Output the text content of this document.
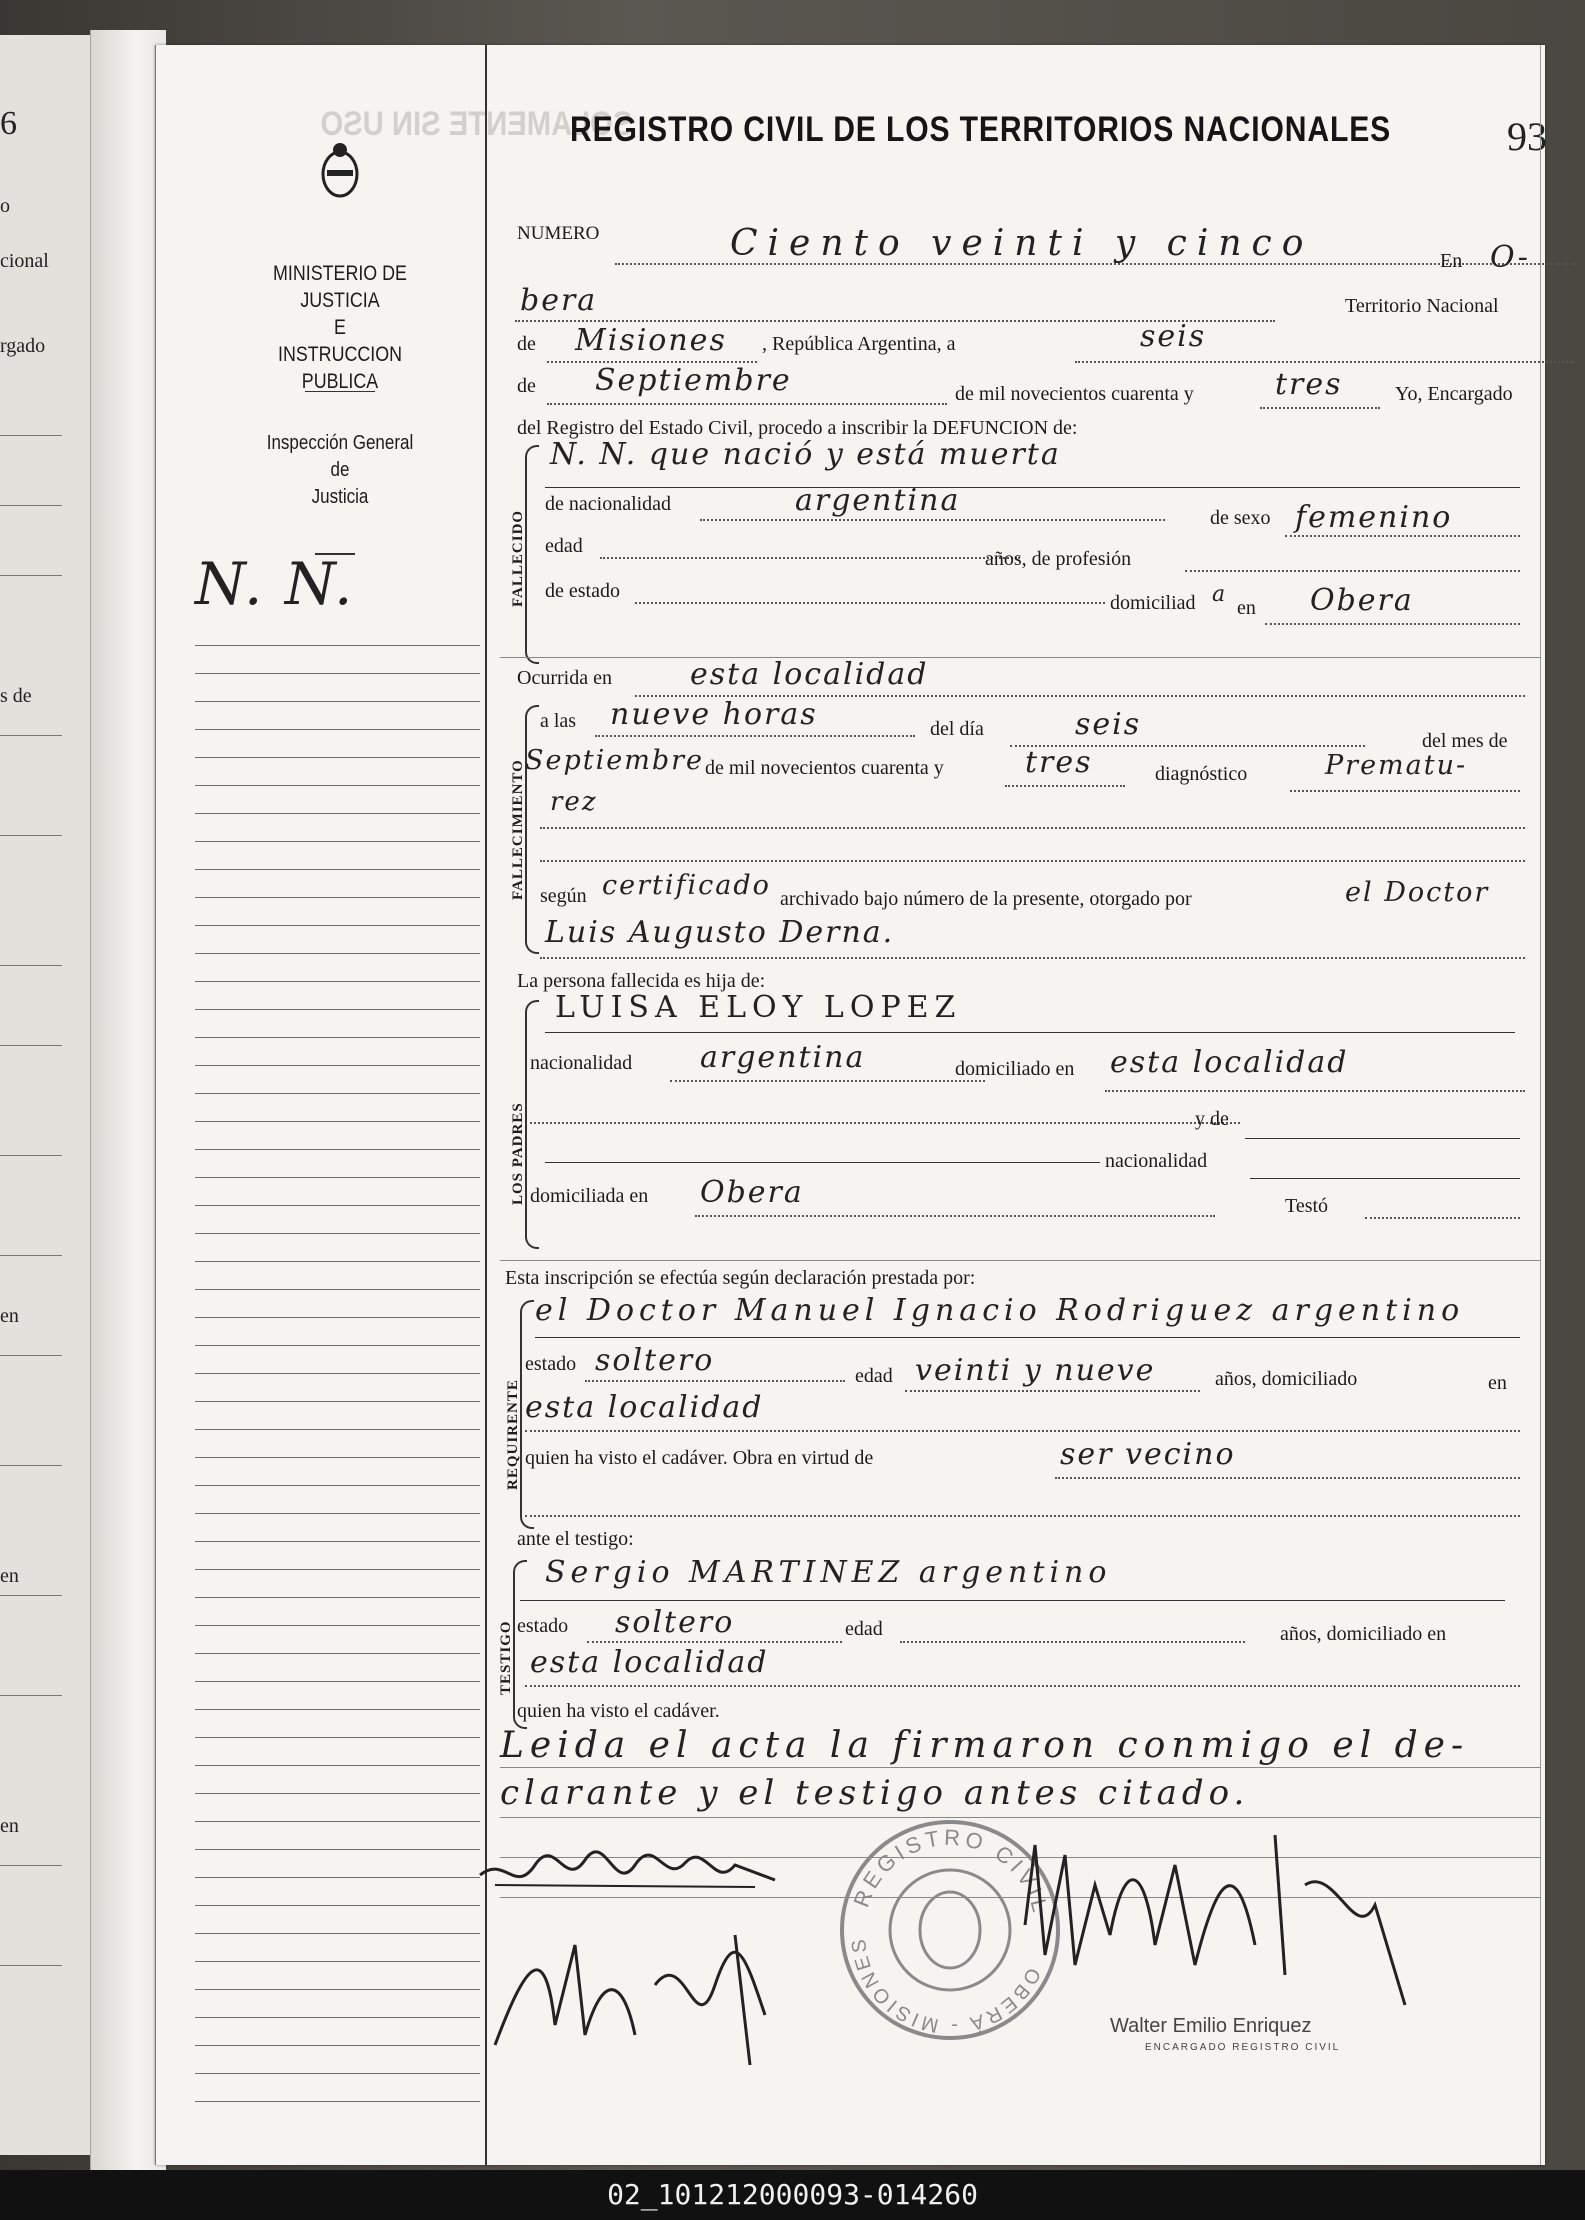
6
o
cional
rgado
s de
en
en
en
SOLAMENTE SIN USO
REGISTRO CIVIL DE LOS TERRITORIOS NACIONALES	93
MINISTERIO DE JUSTICIA
E
INSTRUCCION PUBLICA
Inspección General
de
Justicia
N. N.
NUMERO	Ciento veinti y cinco	En O-
bera	Territorio Nacional
de Misiones , República Argentina, a	seis
de Septiembre	de mil novecientos cuarenta y	tres	Yo, Encargado
del Registro del Estado Civil, procedo a inscribir la DEFUNCION de:
FALLECIDO
N. N. que nació y está muerta
de nacionalidad	argentina	de sexo femenino
edad
años, de profesión
de estado
domiciliad a
en Obera
Ocurrida en	esta localidad
FALLECIMIENTO
a las nueve horas	del día	seis	del mes de
Septiembre de mil novecientos cuarenta y	tres	diagnóstico	Prematu-
rez
según certificado archivado bajo número de la presente, otorgado por	el Doctor
Luis Augusto Derna.
La persona fallecida es hija de:
LOS PADRES
LUISA ELOY LOPEZ
nacionalidad argentina	domiciliado en esta localidad
y de
nacionalidad
domiciliada en Obera	Testó
Esta inscripción se efectúa según declaración prestada por:
REQUIRENTE
el Doctor Manuel Ignacio Rodriguez argentino
estado soltero	edad veinti y nueve	años, domiciliado	en
esta localidad
quien ha visto el cadáver. Obra en virtud de	ser vecino
ante el testigo:
TESTIGO
Sergio MARTINEZ argentino
estado soltero	edad	años, domiciliado en
esta localidad
quien ha visto el cadáver.
Leida el acta la firmaron conmigo el de-
clarante y el testigo antes citado.
REGISTRO CIVIL
OBERÁ - MISIONES
Walter Emilio Enriquez
ENCARGADO REGISTRO CIVIL
02_101212000093-014260
